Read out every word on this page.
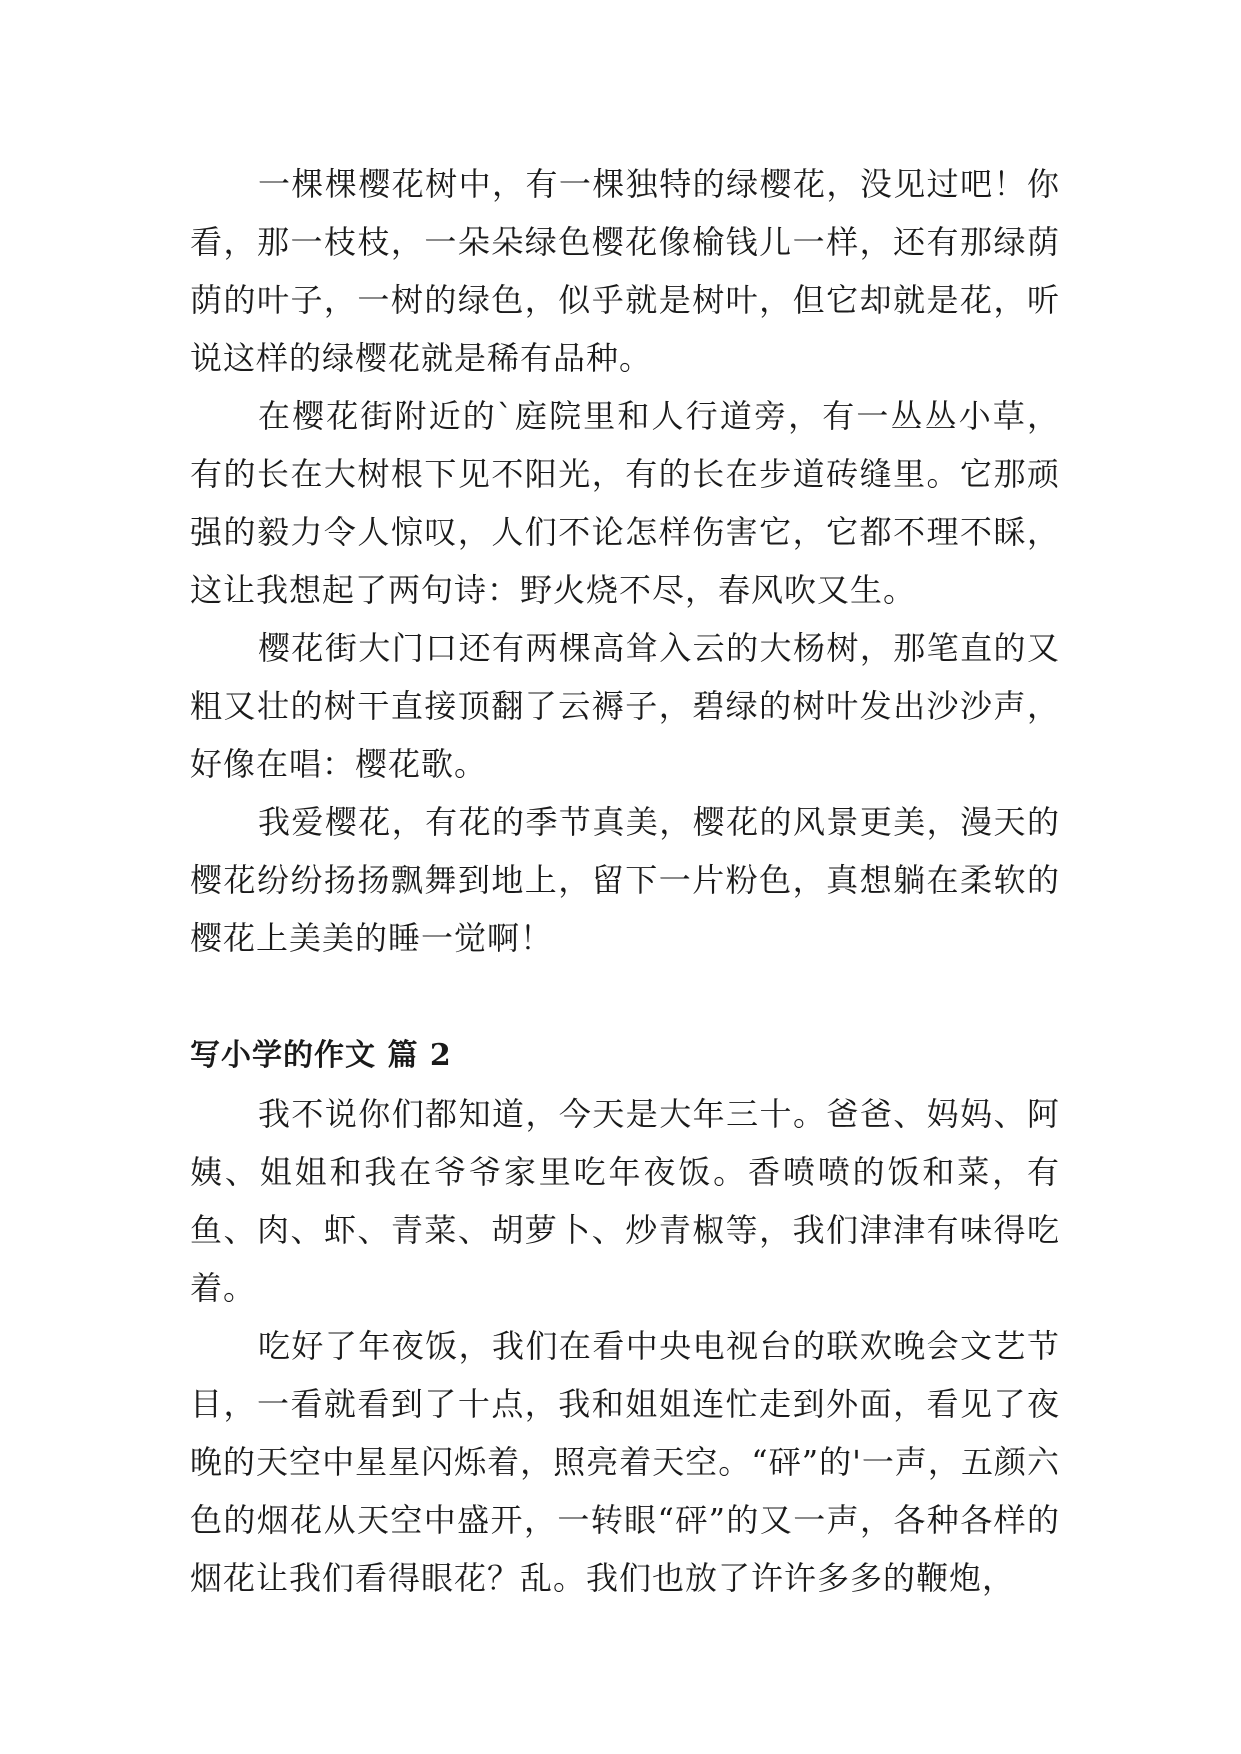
一棵棵樱花树中，有一棵独特的绿樱花，没见过吧！你看，那一枝枝，一朵朵绿色樱花像榆钱儿一样，还有那绿荫荫的叶子，一树的绿色，似乎就是树叶，但它却就是花，听说这样的绿樱花就是稀有品种。

在樱花街附近的`庭院里和人行道旁，有一丛丛小草，有的长在大树根下见不阳光，有的长在步道砖缝里。它那顽强的毅力令人惊叹，人们不论怎样伤害它，它都不理不睬，这让我想起了两句诗：野火烧不尽，春风吹又生。

樱花街大门口还有两棵高耸入云的大杨树，那笔直的又粗又壮的树干直接顶翻了云褥子，碧绿的树叶发出沙沙声，好像在唱：樱花歌。

我爱樱花，有花的季节真美，樱花的风景更美，漫天的樱花纷纷扬扬飘舞到地上，留下一片粉色，真想躺在柔软的樱花上美美的睡一觉啊！

写小学的作文 篇 2

我不说你们都知道，今天是大年三十。爸爸、妈妈、阿姨、姐姐和我在爷爷家里吃年夜饭。香喷喷的饭和菜，有鱼、肉、虾、青菜、胡萝卜、炒青椒等，我们津津有味得吃着。

吃好了年夜饭，我们在看中央电视台的联欢晚会文艺节目，一看就看到了十点，我和姐姐连忙走到外面，看见了夜晚的天空中星星闪烁着，照亮着天空。“砰”的'一声，五颜六色的烟花从天空中盛开，一转眼“砰”的又一声，各种各样的烟花让我们看得眼花？乱。我们也放了许许多多的鞭炮，
